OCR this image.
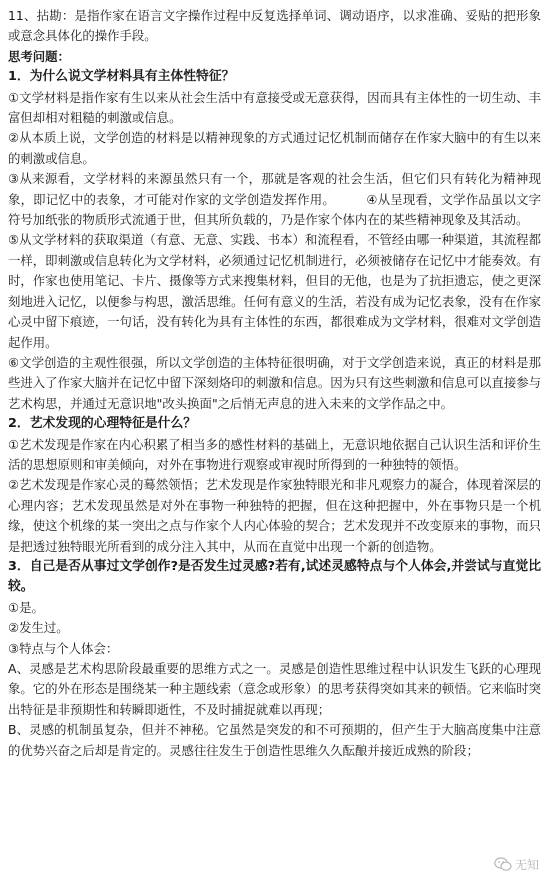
11、拈勘：是指作家在语言文字操作过程中反复选择单词、调动语序，以求准确、妥贴的把形象或意念具体化的操作手段。

思考问题：

1．为什么说文学材料具有主体性特征？

①文学材料是指作家有生以来从社会生活中有意接受或无意获得，因而具有主体性的一切生动、丰富但却相对粗糙的刺激或信息。

②从本质上说，文学创造的材料是以精神现象的方式通过记忆机制而储存在作家大脑中的有生以来的刺激或信息。

③从来源看，文学材料的来源虽然只有一个，那就是客观的社会生活，但它们只有转化为精神现象，即记忆中的表象，才可能对作家的文学创造发挥作用。　　　④从呈现看，文学作品虽以文字符号加纸张的物质形式流通于世，但其所负载的，乃是作家个体内在的某些精神现象及其活动。

⑤从文学材料的获取渠道（有意、无意、实践、书本）和流程看，不管经由哪一种渠道，其流程都一样，即刺激或信息转化为文学材料，必须通过记忆机制进行，必须被储存在记忆中才能奏效。有时，作家也使用笔记、卡片、摄像等方式来搜集材料，但目的无他，也是为了抗拒遗忘，使之更深刻地进入记忆，以便参与构思，激活思维。任何有意义的生活，若没有成为记忆表象，没有在作家心灵中留下痕迹，一句话，没有转化为具有主体性的东西，都很难成为文学材料，很难对文学创造起作用。

⑥文学创造的主观性很强，所以文学创造的主体特征很明确，对于文学创造来说，真正的材料是那些进入了作家大脑并在记忆中留下深刻烙印的刺激和信息。因为只有这些刺激和信息可以直接参与艺术构思，并通过无意识地"改头换面"之后悄无声息的进入未来的文学作品之中。

2．艺术发现的心理特征是什么？

①艺术发现是作家在内心积累了相当多的感性材料的基础上，无意识地依据自己认识生活和评价生活的思想原则和审美倾向，对外在事物进行观察或审视时所得到的一种独特的领悟。

②艺术发现是作家心灵的蓦然领悟；艺术发现是作家独特眼光和非凡观察力的凝合，体现着深层的心理内容；艺术发现虽然是对外在事物一种独特的把握，但在这种把握中，外在事物只是一个机缘，使这个机缘的某一突出之点与作家个人内心体验的契合；艺术发现并不改变原来的事物，而只是把透过独特眼光所看到的成分注入其中，从而在直觉中出现一个新的创造物。

3．自己是否从事过文学创作?是否发生过灵感?若有,试述灵感特点与个人体会,并尝试与直觉比较。

①是。

②发生过。

③特点与个人体会：

A、灵感是艺术构思阶段最重要的思维方式之一。灵感是创造性思维过程中认识发生飞跃的心理现象。它的外在形态是围绕某一种主题线索（意念或形象）的思考获得突如其来的顿悟。它来临时突出特征是非预期性和转瞬即逝性，不及时捕捉就难以再现；

B、灵感的机制虽复杂，但并不神秘。它虽然是突发的和不可预期的，但产生于大脑高度集中注意的优势兴奋之后却是肯定的。灵感往往发生于创造性思维久久酝酿并接近成熟的阶段；

无知
